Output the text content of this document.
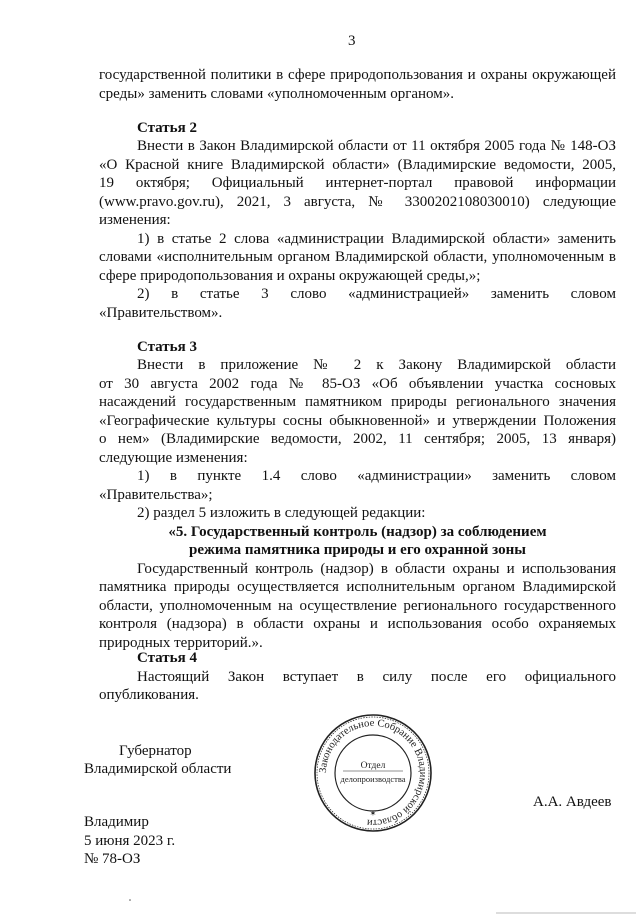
3
государственной политики в сфере природопользования и охраны окружающей
среды» заменить словами «уполномоченным органом».
Статья 2
Внести в Закон Владимирской области от 11 октября 2005 года № 148-ОЗ
«О Красной книге Владимирской области» (Владимирские ведомости, 2005,
19 октября; Официальный интернет-портал правовой информации
(www.pravo.gov.ru), 2021, 3 августа, № 3300202108030010) следующие
изменения:
1) в статье 2 слова «администрации Владимирской области» заменить
словами «исполнительным органом Владимирской области, уполномоченным в
сфере природопользования и охраны окружающей среды,»;
2) в статье 3 слово «администрацией» заменить словом
«Правительством».
Статья 3
Внести в приложение № 2 к Закону Владимирской области
от 30 августа 2002 года № 85-ОЗ «Об объявлении участка сосновых
насаждений государственным памятником природы регионального значения
«Географические культуры сосны обыкновенной» и утверждении Положения
о нем» (Владимирские ведомости, 2002, 11 сентября; 2005, 13 января)
следующие изменения:
1) в пункте 1.4 слово «администрации» заменить словом
«Правительства»;
2) раздел 5 изложить в следующей редакции:
«5. Государственный контроль (надзор) за соблюдением
режима памятника природы и его охранной зоны
Государственный контроль (надзор) в области охраны и использования
памятника природы осуществляется исполнительным органом Владимирской
области, уполномоченным на осуществление регионального государственного
контроля (надзора) в области охраны и использования особо охраняемых
природных территорий.».
Статья 4
Настоящий Закон вступает в силу после его официального
опубликования.
Губернатор
Владимирской области
А.А. Авдеев
Законодательное Собрание Владимирской области
Отдел
делопроизводства
✶
Владимир
5 июня 2023 г.
№ 78-ОЗ
